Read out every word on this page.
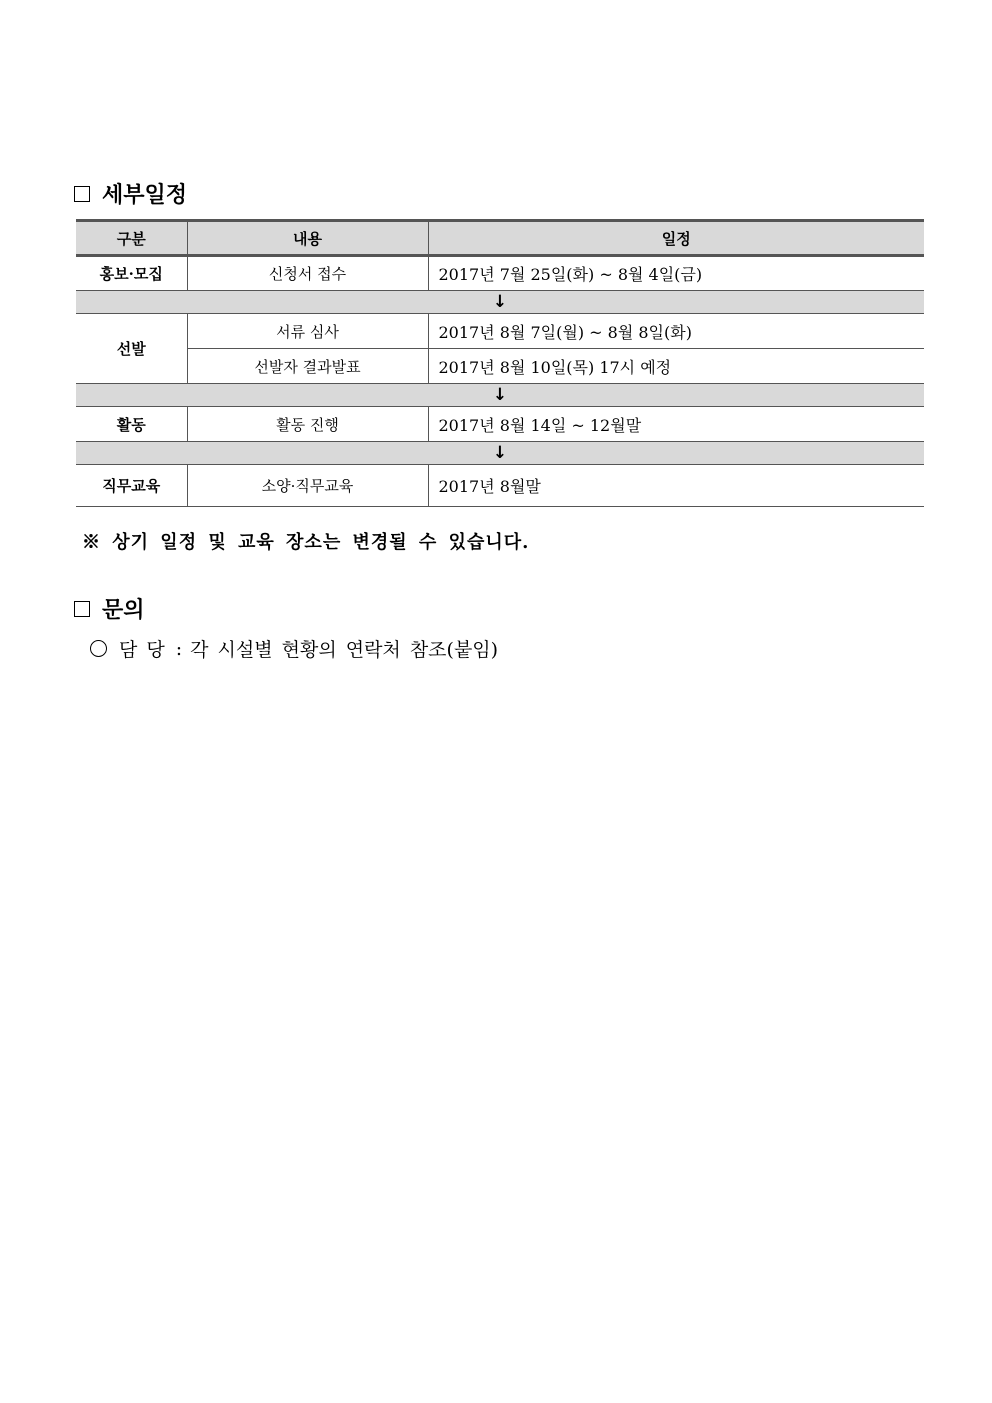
세부일정
구분	내용	일정
홍보·모집	신청서 접수	2017년 7월 25일(화) ~ 8월 4일(금)
↓		
선발	서류 심사	2017년 8월 7일(월) ~ 8월 8일(화)
	선발자 결과발표	2017년 8월 10일(목) 17시 예정
↓		
활동	활동 진행	2017년 8월 14일 ~ 12월말
↓		
직무교육	소양·직무교육	2017년 8월말
※ 상기 일정 및 교육 장소는 변경될 수 있습니다.
문의
담당 : 각 시설별 현황의 연락처 참조(붙임)
